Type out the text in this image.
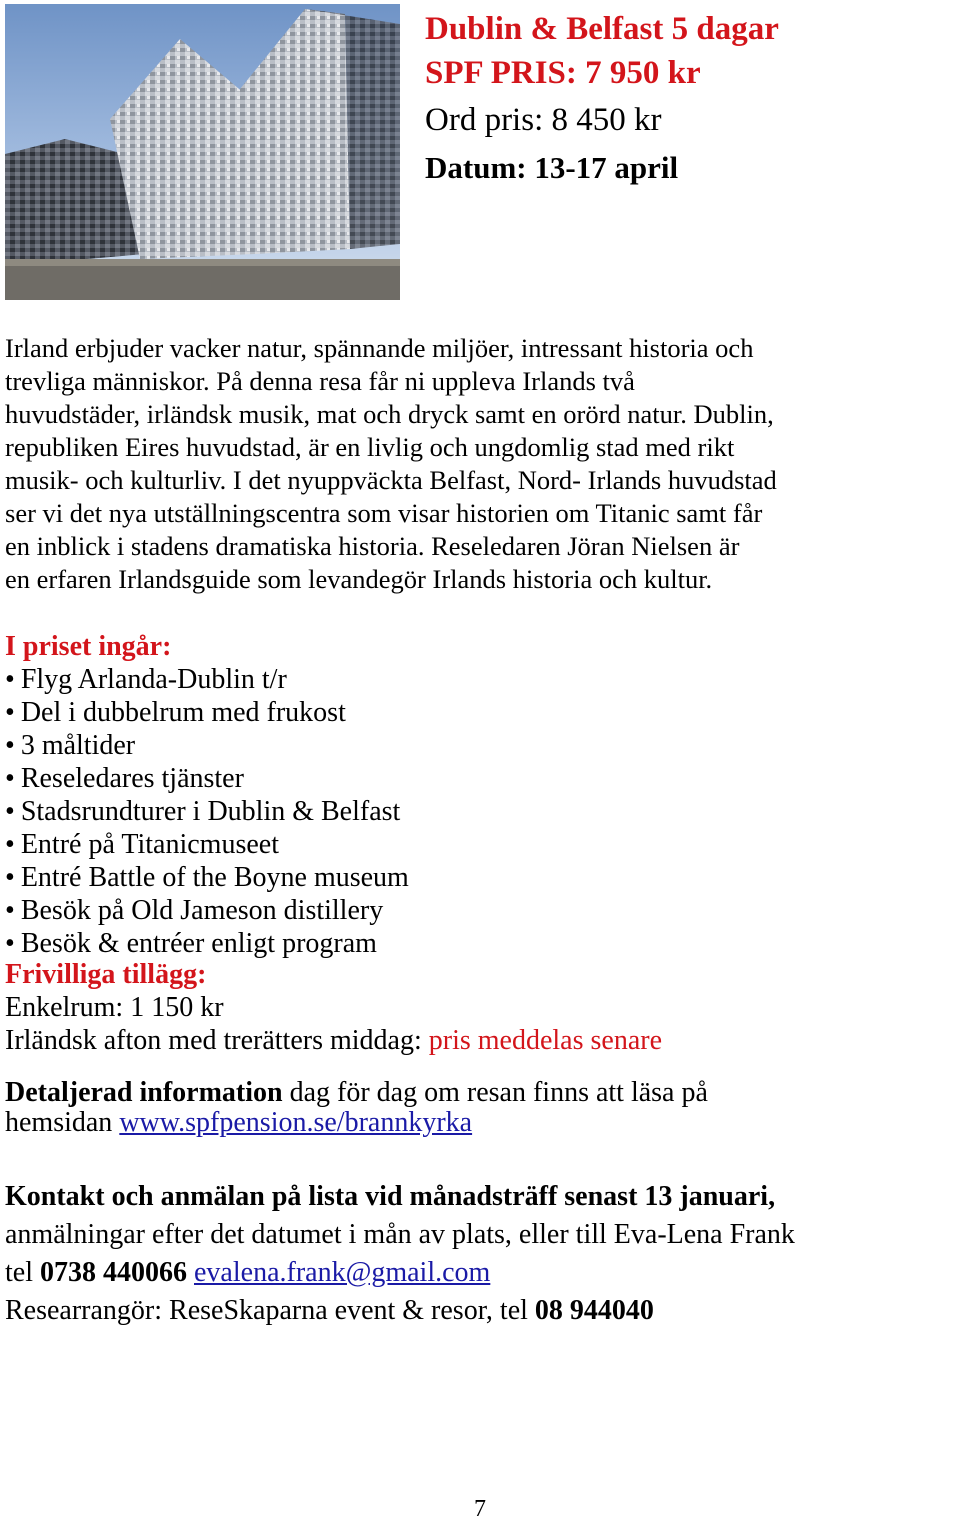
Dublin & Belfast 5 dagar

SPF PRIS: 7 950 kr

Ord pris: 8 450 kr

Datum: 13-17 april

Irland erbjuder vacker natur, spännande miljöer, intressant historia och
trevliga människor. På denna resa får ni uppleva Irlands två
huvudstäder, irländsk musik, mat och dryck samt en orörd natur. Dublin,
republiken Eires huvudstad, är en livlig och ungdomlig stad med rikt
musik- och kulturliv. I det nyuppväckta Belfast, Nord- Irlands huvudstad
ser vi det nya utställningscentra som visar historien om Titanic samt får
en inblick i stadens dramatiska historia. Reseledaren Jöran Nielsen är
en erfaren Irlandsguide som levandegör Irlands historia och kultur.

I priset ingår:

• Flyg Arlanda-Dublin t/r
• Del i dubbelrum med frukost
• 3 måltider
• Reseledares tjänster
• Stadsrundturer i Dublin & Belfast
• Entré på Titanicmuseet
• Entré Battle of the Boyne museum
• Besök på Old Jameson distillery
• Besök & entréer enligt program

Frivilliga tillägg:

Enkelrum: 1 150 kr

Irländsk afton med trerätters middag: pris meddelas senare

Detaljerad information dag för dag om resan finns att läsa på
hemsidan www.spfpension.se/brannkyrka

Kontakt och anmälan på lista vid månadsträff senast 13 januari,

anmälningar efter det datumet i mån av plats, eller till Eva-Lena Frank

tel 0738 440066 evalena.frank@gmail.com

Researrangör: ReseSkaparna event & resor, tel 08 944040

7
